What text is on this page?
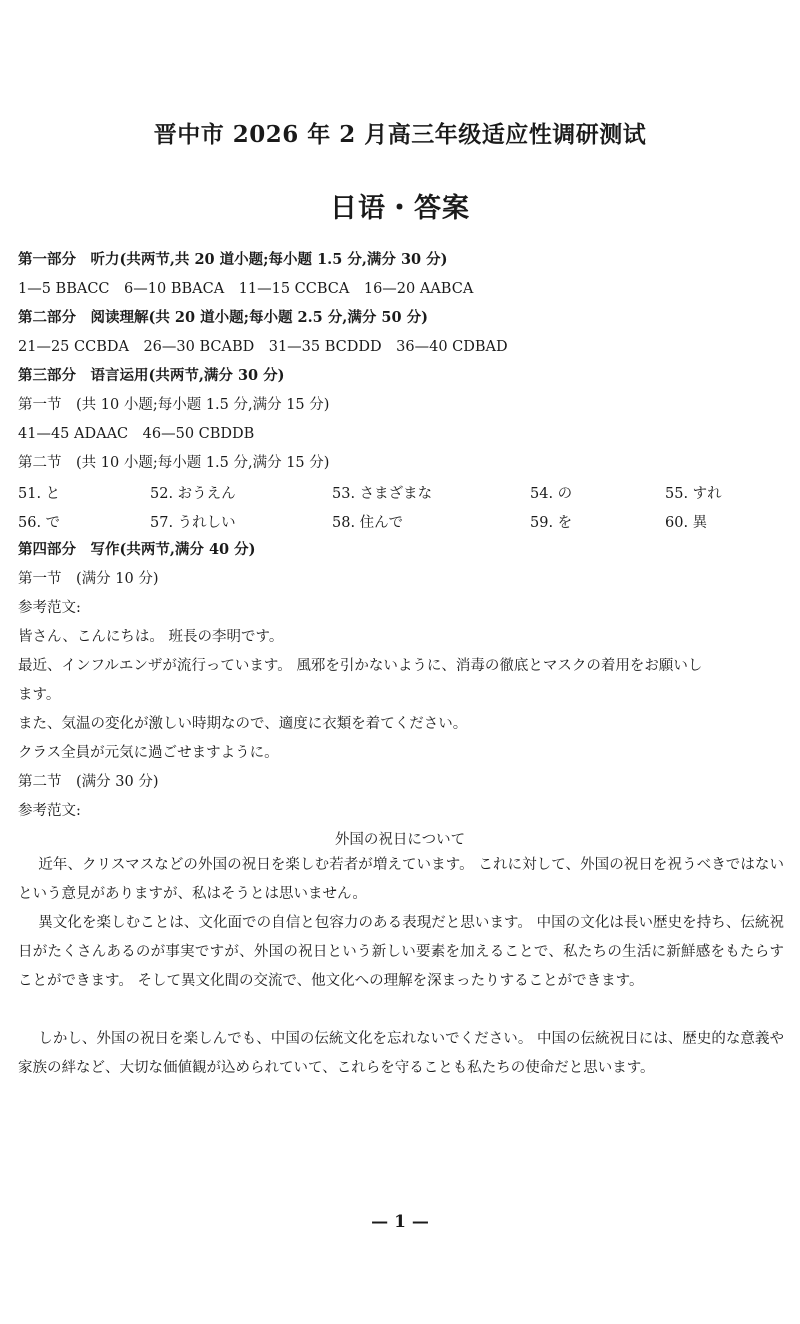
晋中市 2026 年 2 月高三年级适应性调研测试
日语・答案
第一部分　听力(共两节,共 20 道小题;每小题 1.5 分,满分 30 分)
1—5 BBACC　6—10 BBACA　11—15 CCBCA　16—20 AABCA
第二部分　阅读理解(共 20 道小题;每小题 2.5 分,满分 50 分)
21—25 CCBDA　26—30 BCABD　31—35 BCDDD　36—40 CDBAD
第三部分　语言运用(共两节,满分 30 分)
第一节　(共 10 小题;每小题 1.5 分,满分 15 分)
41—45 ADAAC　46—50 CBDDB
第二节　(共 10 小题;每小题 1.5 分,满分 15 分)
51. と	52. おうえん	53. さまざまな	54. の	55. すれ
56. で	57. うれしい	58. 住んで	59. を	60. 異
第四部分　写作(共两节,满分 40 分)
第一节　(满分 10 分)
参考范文:
皆さん、こんにちは。 班長の李明です。
最近、インフルエンザが流行っています。 風邪を引かないように、消毒の徹底とマスクの着用をお願いし
ます。
また、気温の変化が激しい時期なので、適度に衣類を着てください。
クラス全員が元気に過ごせますように。
第二节　(满分 30 分)
参考范文:
外国の祝日について
近年、クリスマスなどの外国の祝日を楽しむ若者が増えています。 これに対して、外国の祝日を祝うべきではないという意見がありますが、私はそうとは思いません。
異文化を楽しむことは、文化面での自信と包容力のある表現だと思います。 中国の文化は長い歴史を持ち、伝統祝日がたくさんあるのが事実ですが、外国の祝日という新しい要素を加えることで、私たちの生活に新鮮感をもたらすことができます。 そして異文化間の交流で、他文化への理解を深まったりすることができます。
しかし、外国の祝日を楽しんでも、中国の伝統文化を忘れないでください。 中国の伝統祝日には、歴史的な意義や家族の絆など、大切な価値観が込められていて、これらを守ることも私たちの使命だと思います。
— 1 —
